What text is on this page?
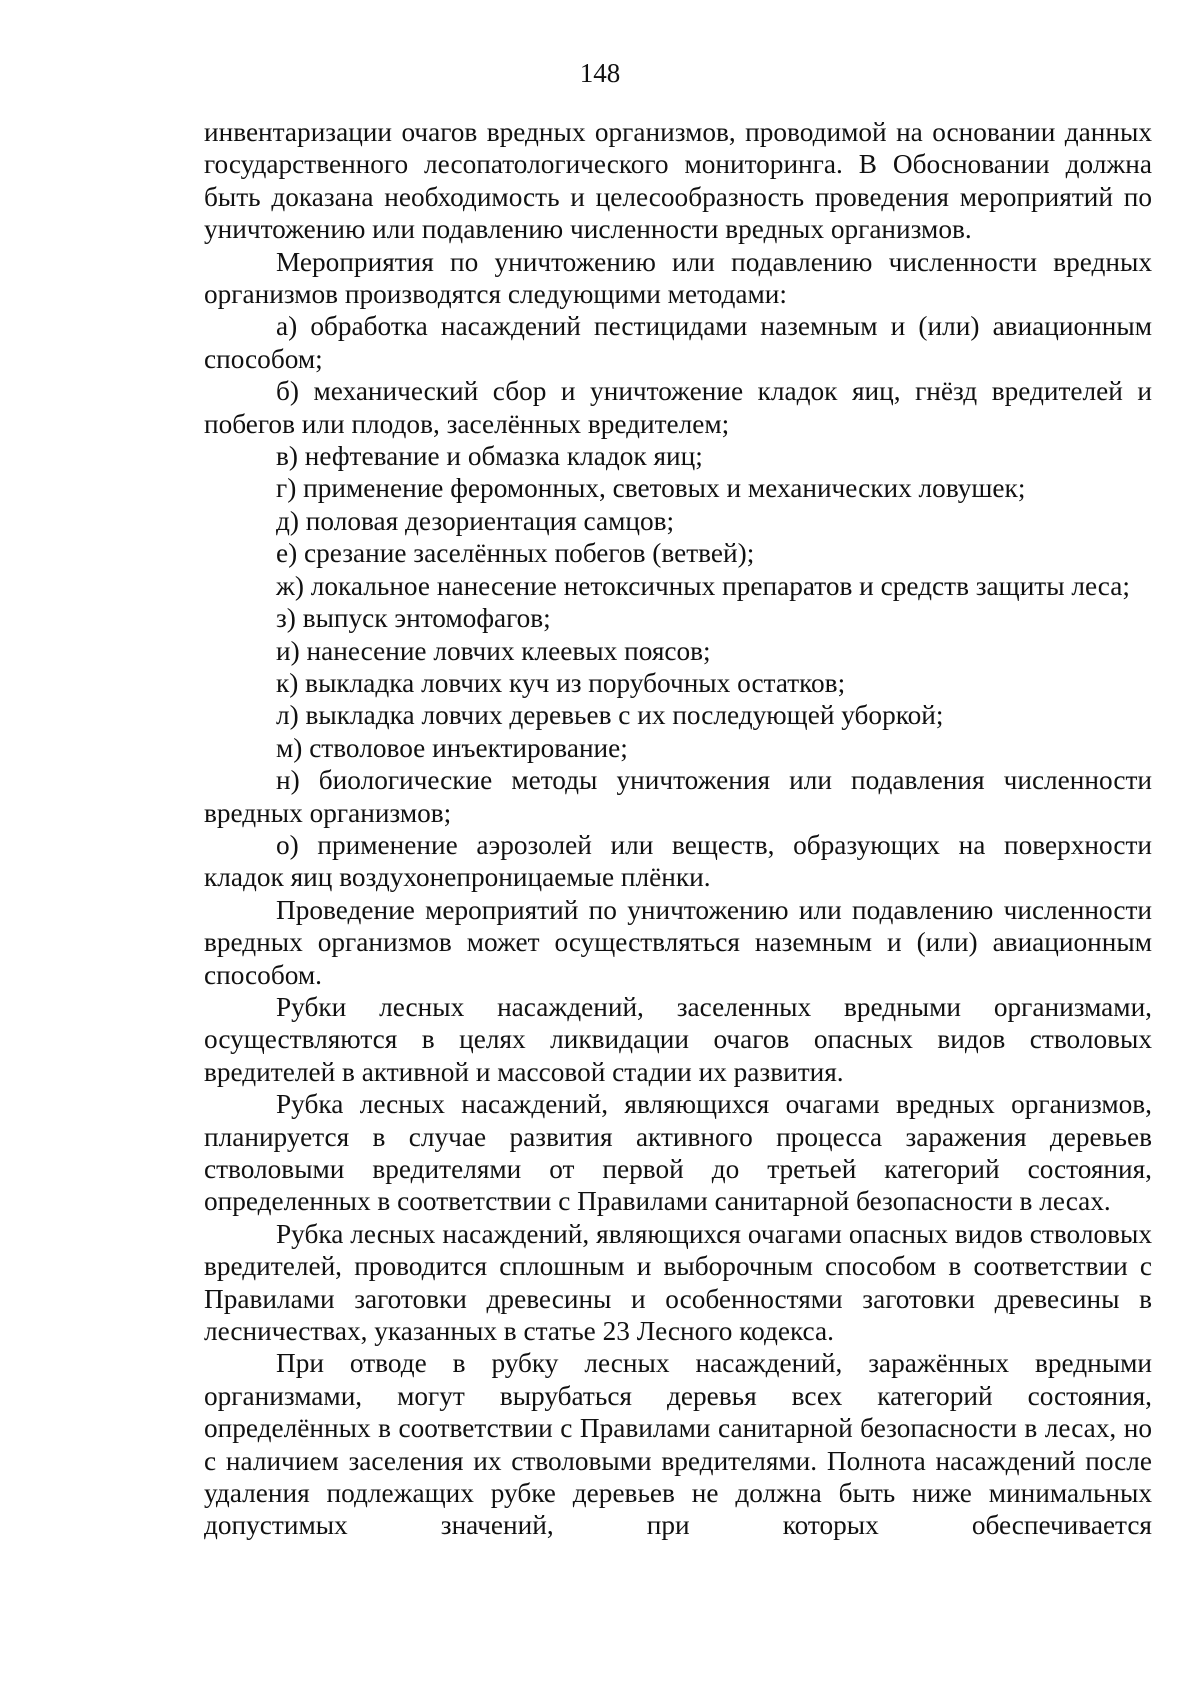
148

инвентаризации очагов вредных организмов, проводимой на основании данных государственного лесопатологического мониторинга. В Обосновании должна быть доказана необходимость и целесообразность проведения мероприятий по уничтожению или подавлению численности вредных организмов.

Мероприятия по уничтожению или подавлению численности вредных организмов производятся следующими методами:

а) обработка насаждений пестицидами наземным и (или) авиационным способом;

б) механический сбор и уничтожение кладок яиц, гнёзд вредителей и побегов или плодов, заселённых вредителем;

в) нефтевание и обмазка кладок яиц;

г) применение феромонных, световых и механических ловушек;

д) половая дезориентация самцов;

е) срезание заселённых побегов (ветвей);

ж) локальное нанесение нетоксичных препаратов и средств защиты леса;

з) выпуск энтомофагов;

и) нанесение ловчих клеевых поясов;

к) выкладка ловчих куч из порубочных остатков;

л) выкладка ловчих деревьев с их последующей уборкой;

м) стволовое инъектирование;

н) биологические методы уничтожения или подавления численности вредных организмов;

о) применение аэрозолей или веществ, образующих на поверхности кладок яиц воздухонепроницаемые плёнки.

Проведение мероприятий по уничтожению или подавлению численности вредных организмов может осуществляться наземным и (или) авиационным способом.

Рубки лесных насаждений, заселенных вредными организмами, осуществляются в целях ликвидации очагов опасных видов стволовых вредителей в активной и массовой стадии их развития.

Рубка лесных насаждений, являющихся очагами вредных организмов, планируется в случае развития активного процесса заражения деревьев стволовыми вредителями от первой до третьей категорий состояния, определенных в соответствии с Правилами санитарной безопасности в лесах.

Рубка лесных насаждений, являющихся очагами опасных видов стволовых вредителей, проводится сплошным и выборочным способом в соответствии с Правилами заготовки древесины и особенностями заготовки древесины в лесничествах, указанных в статье 23 Лесного кодекса.

При отводе в рубку лесных насаждений, заражённых вредными организмами, могут вырубаться деревья всех категорий состояния, определённых в соответствии с Правилами санитарной безопасности в лесах, но с наличием заселения их стволовыми вредителями. Полнота насаждений после удаления подлежащих рубке деревьев не должна быть ниже минимальных допустимых значений, при которых обеспечивается
